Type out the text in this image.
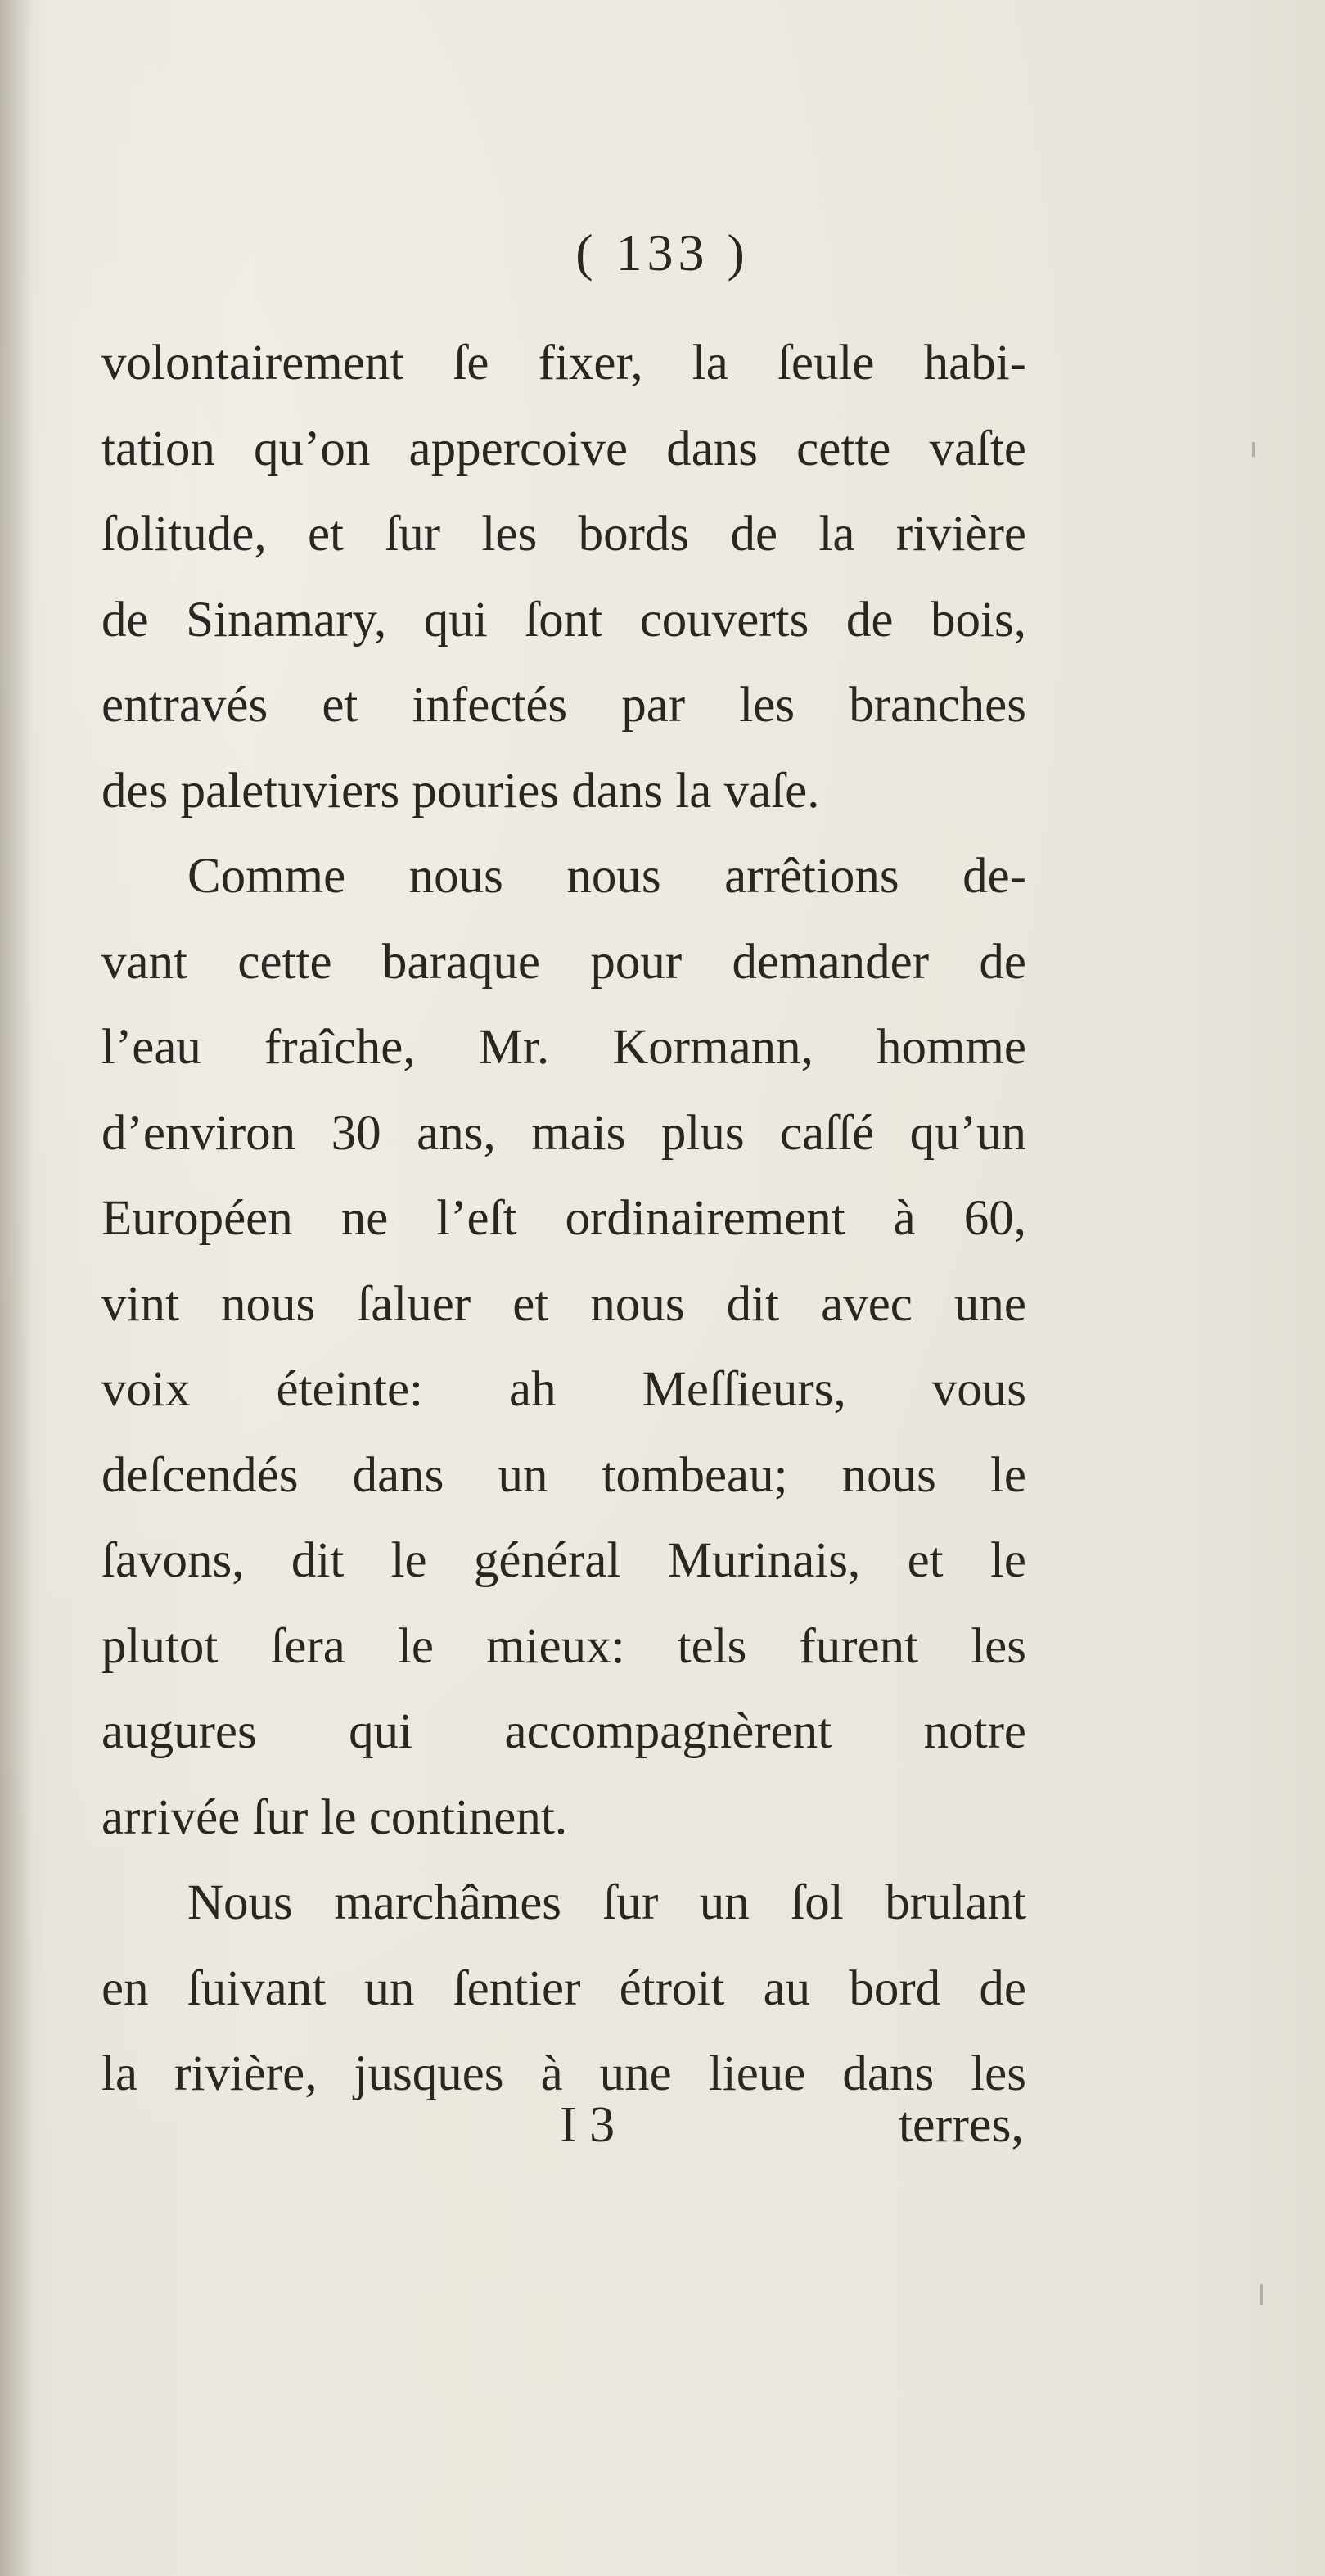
( 133 )
volontairement ſe fixer, la ſeule habi-
tation qu’on appercoive dans cette vaſte
ſolitude, et ſur les bords de la rivière
de Sinamary, qui ſont couverts de bois,
entravés et infectés par les branches
des paletuviers pouries dans la vaſe.
Comme nous nous arrêtions de-
vant cette baraque pour demander de
l’eau fraîche, Mr. Kormann, homme
d’environ 30 ans, mais plus caſſé qu’un
Européen ne l’eſt ordinairement à 60,
vint nous ſaluer et nous dit avec une
voix éteinte: ah Meſſieurs, vous
deſcendés dans un tombeau; nous le
ſavons, dit le général Murinais, et le
plutot ſera le mieux: tels furent les
augures qui accompagnèrent notre
arrivée ſur le continent.
Nous marchâmes ſur un ſol brulant
en ſuivant un ſentier étroit au bord de
la rivière, jusques à une lieue dans les
I 3	terres,
